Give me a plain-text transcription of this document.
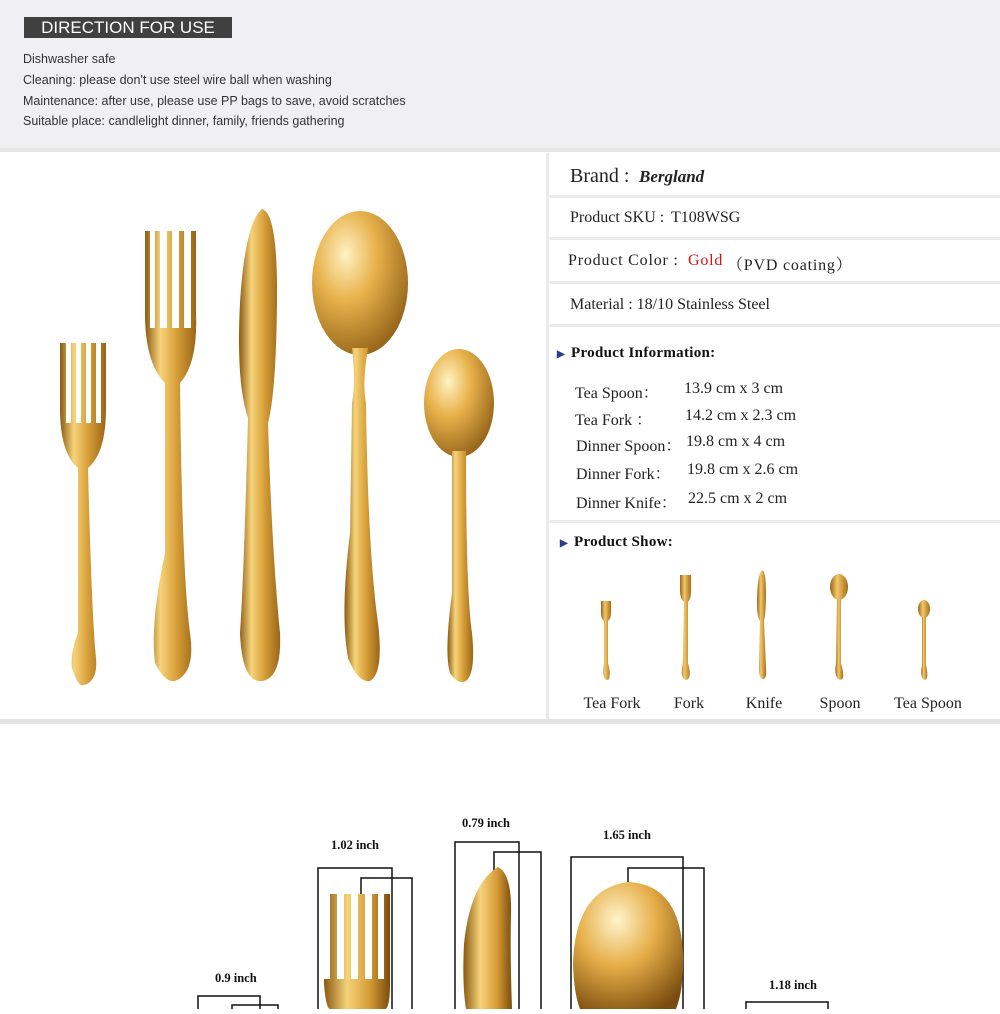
DIRECTION FOR USE
Dishwasher safe
Cleaning: please don't use steel wire ball when washing
Maintenance: after use, please use PP bags to save, avoid scratches
Suitable place: candlelight dinner, family, friends gathering
Brand : Bergland
Product SKU : T108WSG
Product Color : Gold （PVD coating）
Material : 18/10 Stainless Steel
▶ Product Information:
Tea Spoon： 13.9 cm x 3 cm
Tea Fork ： 14.2 cm x 2.3 cm
Dinner Spoon： 19.8 cm x 4 cm
Dinner Fork： 19.8 cm x 2.6 cm
Dinner Knife： 22.5 cm x 2 cm
▶ Product Show:
Tea Fork	Fork	Knife	Spoon	Tea Spoon
1.02 inch
0.79 inch
1.65 inch
0.9 inch	1.18 inch
